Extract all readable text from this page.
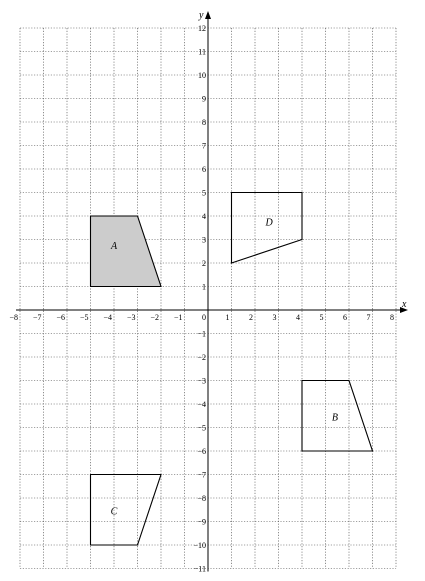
A
B
C
D
−8 −7 −6 −5 −4 −3 −2 −1 0 1 2 3 4 5 6 7 8
−11
−10
−9
−8
−7
−6
−5
−4
−3
−2
−1
1
2
3
4
5
6
7
8
9
10
11
12
x
y
